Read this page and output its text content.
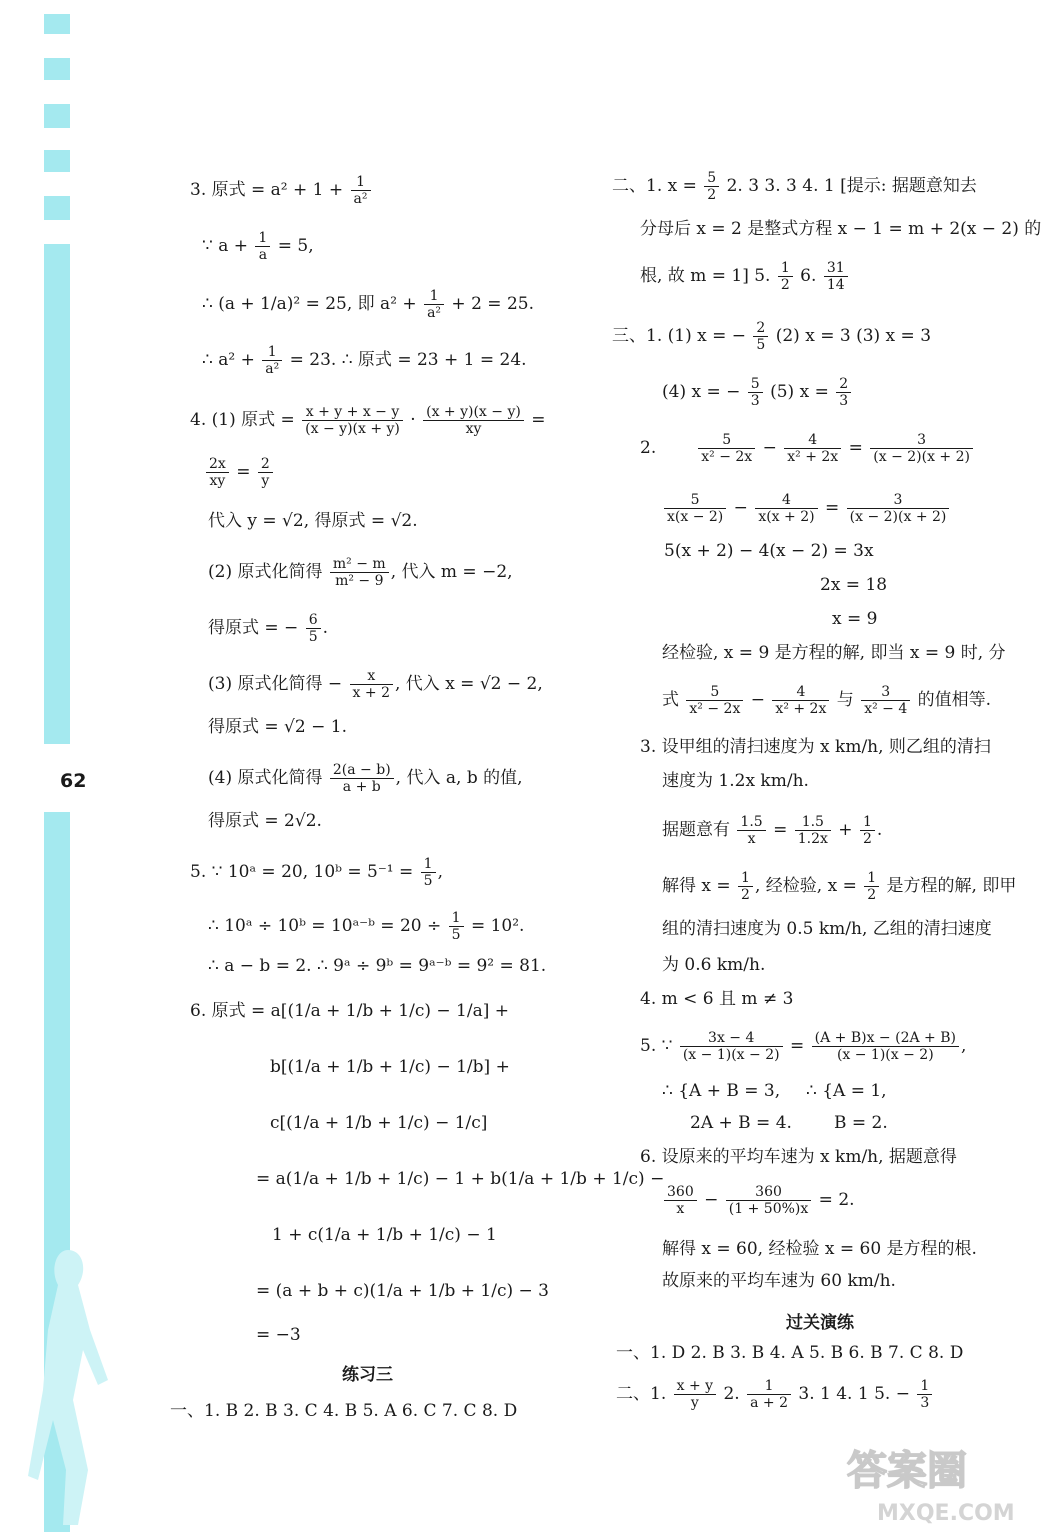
62
3. 原式 = $a^2 + 1 + \frac{1}{\text{a²}}$
∵ $a + \frac{1}{a} = 5$,
∴ (a + 1/a)² = 25, 即 $a^2 + \frac{1}{\text{a²}} + 2 = 25$.
∴ $a^2 + \frac{1}{\text{a²}} = 23$. ∴ 原式 = 23 + 1 = 24.
4. (1) 原式 = $\frac{x + y + x - y}{(x - y)(x + y)} \cdot \frac{(x + y)(x - y)}{xy}$ =
$\frac{2x}{xy} = \frac{2}{y}$
代入 y = √2, 得原式 = √2.
(2) 原式化简得 $\frac{\text{m² − m}}{\text{m² − 9}}$ , 代入 m = −2,
得原式 = − $\frac{6}{5}$ .
(3) 原式化简得 − $\frac{x}{x + 2}$ , 代入 x = √2 − 2,
得原式 = √2 − 1.
(4) 原式化简得 $\frac{2(a - b)}{a + b}$ , 代入 a, b 的值,
得原式 = 2√2.
5. ∵ 10ᵃ = 20, 10ᵇ = $5^{-1} = \frac{1}{5}$ ,
∴ 10ᵃ ÷ 10ᵇ = 10ᵃ⁻ᵇ = $20 \div \frac{1}{5} = 10^2$.
∴ a − b = 2. ∴ 9ᵃ ÷ 9ᵇ = 9ᵃ⁻ᵇ = 9² = 81.
6. 原式 = a[(1/a + 1/b + 1/c) − 1/a] +
b[(1/a + 1/b + 1/c) − 1/b] +
c[(1/a + 1/b + 1/c) − 1/c]
= a(1/a + 1/b + 1/c) − 1 + b(1/a + 1/b + 1/c) −
1 + c(1/a + 1/b + 1/c) − 1
= (a + b + c)(1/a + 1/b + 1/c) − 3
= −3
练习三
一、1. B 2. B 3. C 4. B 5. A 6. C 7. C 8. D
二、1. $x = \frac{5}{2} 2$. 3 3. 3 4. 1 [提示: 据题意知去
分母后 x = 2 是整式方程 x − 1 = m + 2(x − 2) 的
根, 故 m = 1] 5. $\frac{1}{2} 6$. $\frac{31}{14}$
三、1. (1) x = − $\frac{2}{5} (2) x = 3$ (3) x = 3
(4) x = − $\frac{5}{3} (5) x = \frac{2}{3}$
2.	$\frac{5}{\text{x² − 2x}} - \frac{4}{\text{x² + 2x}} = \frac{3}{(x - 2)(x + 2)}$
$\frac{5}{x(x - 2)} - \frac{4}{x(x + 2)} = \frac{3}{(x - 2)(x + 2)}$
5(x + 2) − 4(x − 2) = 3x
2x = 18
x = 9
经检验, x = 9 是方程的解, 即当 x = 9 时, 分
式 $\frac{5}{\text{x² − 2x}} - \frac{4}{\text{x² + 2x}}$ 与 $\frac{3}{\text{x² − 4}}$ 的值相等.
3. 设甲组的清扫速度为 x km/h, 则乙组的清扫
速度为 1.2x km/h.
据题意有 $\frac{1.5}{x} = \frac{1.5}{1.2x} + \frac{1}{2}$ .
解得 $x = \frac{1}{2}$ , 经检验, $x = \frac{1}{2}$ 是方程的解, 即甲
组的清扫速度为 0.5 km/h, 乙组的清扫速度
为 0.6 km/h.
4. m < 6 且 m ≠ 3
5. ∵ $\frac{3x - 4}{(x - 1)(x - 2)} = \frac{(A + B)x - (2A + B)}{(x - 1)(x - 2)}$ ,
∴ {A + B = 3, ∴ {A = 1,
2A + B = 4. B = 2.
6. 设原来的平均车速为 x km/h, 据题意得
$\frac{360}{x} - \frac{360}{(1 + 50\%)x} = 2$.
解得 x = 60, 经检验 x = 60 是方程的根.
故原来的平均车速为 60 km/h.
过关演练
一、1. D 2. B 3. B 4. A 5. B 6. B 7. C 8. D
二、1. $\frac{x + y}{y} 2$. $\frac{1}{a + 2} 3$. 1 4. 1 5. − $\frac{1}{3}$
答案圈
MXQE.COM
